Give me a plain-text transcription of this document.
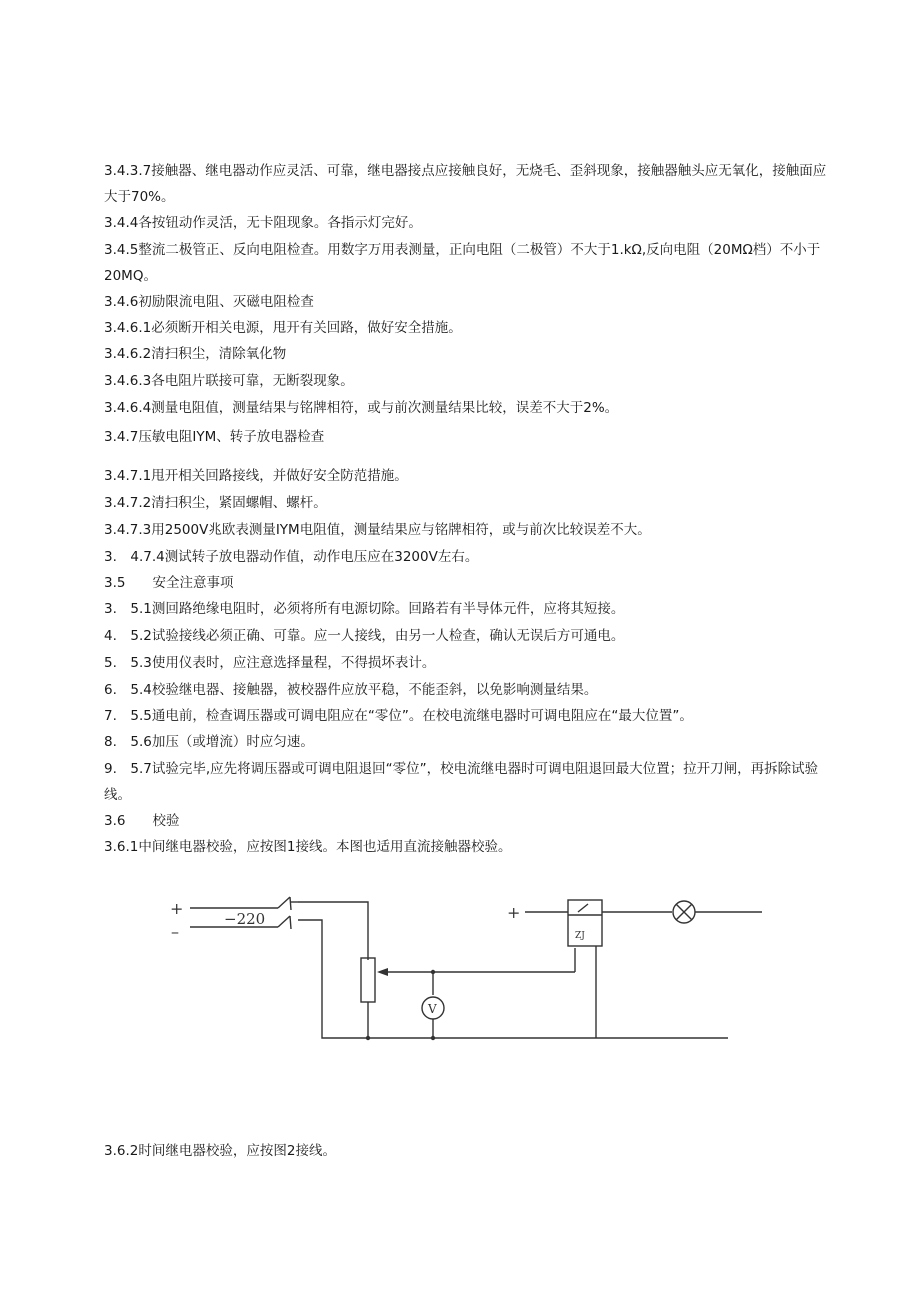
3.4.3.7接触器、继电器动作应灵活、可靠，继电器接点应接触良好，无烧毛、歪斜现象，接触器触头应无氧化，接触面应大于70%。
3.4.4各按钮动作灵活，无卡阻现象。各指示灯完好。
3.4.5整流二极管正、反向电阻检查。用数字万用表测量，正向电阻（二极管）不大于1.kΩ,反向电阻（20MΩ档）不小于20MQ。
3.4.6初励限流电阻、灭磁电阻检查
3.4.6.1必须断开相关电源，甩开有关回路，做好安全措施。
3.4.6.2清扫积尘，清除氧化物
3.4.6.3各电阻片联接可靠，无断裂现象。
3.4.6.4测量电阻值，测量结果与铭牌相符，或与前次测量结果比较，误差不大于2%。
3.4.7压敏电阻IYM、转子放电器检查
3.4.7.1甩开相关回路接线，并做好安全防范措施。
3.4.7.2清扫积尘，紧固螺帽、螺杆。
3.4.7.3用2500V兆欧表测量IYM电阻值，测量结果应与铭牌相符，或与前次比较误差不大。
3.　4.7.4测试转子放电器动作值，动作电压应在3200V左右。
3.5　　安全注意事项
3.　5.1测回路绝缘电阻时，必须将所有电源切除。回路若有半导体元件，应将其短接。
4.　5.2试验接线必须正确、可靠。应一人接线，由另一人检查，确认无误后方可通电。
5.　5.3使用仪表时，应注意选择量程，不得损坏表计。
6.　5.4校验继电器、接触器，被校器件应放平稳，不能歪斜，以免影响测量结果。
7.　5.5通电前，检查调压器或可调电阻应在“零位”。在校电流继电器时可调电阻应在“最大位置”。
8.　5.6加压（或增流）时应匀速。
9.　5.7试验完毕,应先将调压器或可调电阻退回“零位”，校电流继电器时可调电阻退回最大位置；拉开刀闸，再拆除试验线。
3.6　　校验
3.6.1中间继电器校验，应按图1接线。本图也适用直流接触器校验。
+
–
−220	+
V
ZJ
3.6.2时间继电器校验，应按图2接线。
